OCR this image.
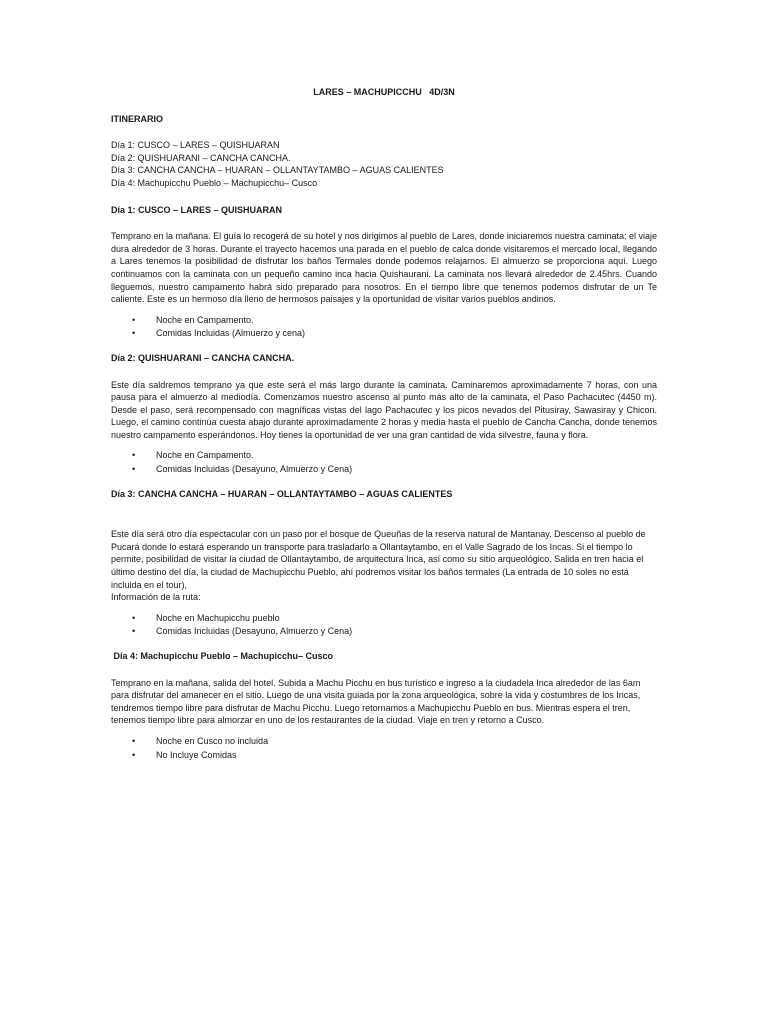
LARES – MACHUPICCHU   4D/3N

ITINERARIO

Día 1: CUSCO – LARES – QUISHUARAN

Día 2: QUISHUARANI – CANCHA CANCHA.

Día 3: CANCHA CANCHA – HUARAN – OLLANTAYTAMBO – AGUAS CALIENTES

Día 4: Machupicchu Pueblo – Machupicchu– Cusco

Día 1: CUSCO – LARES – QUISHUARAN

Temprano en la mañana. El guía lo recogerá de su hotel y nos dirigimos al pueblo de Lares, donde iniciaremos nuestra caminata; el viaje dura alrededor de 3 horas. Durante el trayecto hacemos una parada en el pueblo de calca donde visitaremos el mercado local, llegando a Lares tenemos la posibilidad de disfrutar los baños Termales donde podemos relajarnos. El almuerzo se proporciona aquí. Luego continuamos con la caminata con un pequeño camino inca hacia Quishaurani. La caminata nos llevará alrededor de 2.45hrs. Cuando lleguemos, nuestro campamento habrá sido preparado para nosotros. En el tiempo libre que tenemos podemos disfrutar de un Te caliente. Este es un hermoso día lleno de hermosos paisajes y la oportunidad de visitar varios pueblos andinos.

• Noche en Campamento.
• Comidas Incluidas (Almuerzo y cena)

Día 2: QUISHUARANI – CANCHA CANCHA.

Este día saldremos temprano ya que este será el más largo durante la caminata. Caminaremos aproximadamente 7 horas, con una pausa para el almuerzo al mediodía. Comenzamos nuestro ascenso al punto más alto de la caminata, el Paso Pachacutec (4450 m). Desde el paso, será recompensado con magníficas vistas del lago Pachacutec y los picos nevados del Pitusiray, Sawasiray y Chicon. Luego, el camino continúa cuesta abajo durante aproximadamente 2 horas y media hasta el pueblo de Cancha Cancha, donde tenemos nuestro campamento esperándonos. Hoy tienes la oportunidad de ver una gran cantidad de vida silvestre, fauna y flora.

• Noche en Campamento.
• Comidas Incluidas (Desayuno, Almuerzo y Cena)

Día 3: CANCHA CANCHA – HUARAN – OLLANTAYTAMBO – AGUAS CALIENTES

Este día será otro día espectacular con un paso por el bosque de Queuñas de la reserva natural de Mantanay. Descenso al pueblo de Pucará donde lo estará esperando un transporte para trasladarlo a Ollantaytambo, en el Valle Sagrado de los Incas. Si el tiempo lo permite, posibilidad de visitar la ciudad de Ollantaytambo, de arquitectura Inca, así como su sitio arqueológico. Salida en tren hacia el último destino del día, la ciudad de Machupicchu Pueblo, ahí podremos visitar los baños termales (La entrada de 10 soles no está incluida en el tour),

Información de la ruta:

• Noche en Machupicchu pueblo
• Comidas Incluidas (Desayuno, Almuerzo y Cena)

Día 4: Machupicchu Pueblo – Machupicchu– Cusco

Temprano en la mañana, salida del hotel. Subida a Machu Picchu en bus turístico e ingreso a la ciudadela Inca alrededor de las 6am para disfrutar del amanecer en el sitio. Luego de una visita guiada por la zona arqueológica, sobre la vida y costumbres de los Incas, tendremos tiempo libre para disfrutar de Machu Picchu. Luego retornamos a Machupicchu Pueblo en bus. Mientras espera el tren, tenemos tiempo libre para almorzar en uno de los restaurantes de la ciudad. Viaje en tren y retorno a Cusco.

• Noche en Cusco no incluida
• No Incluye Comidas
